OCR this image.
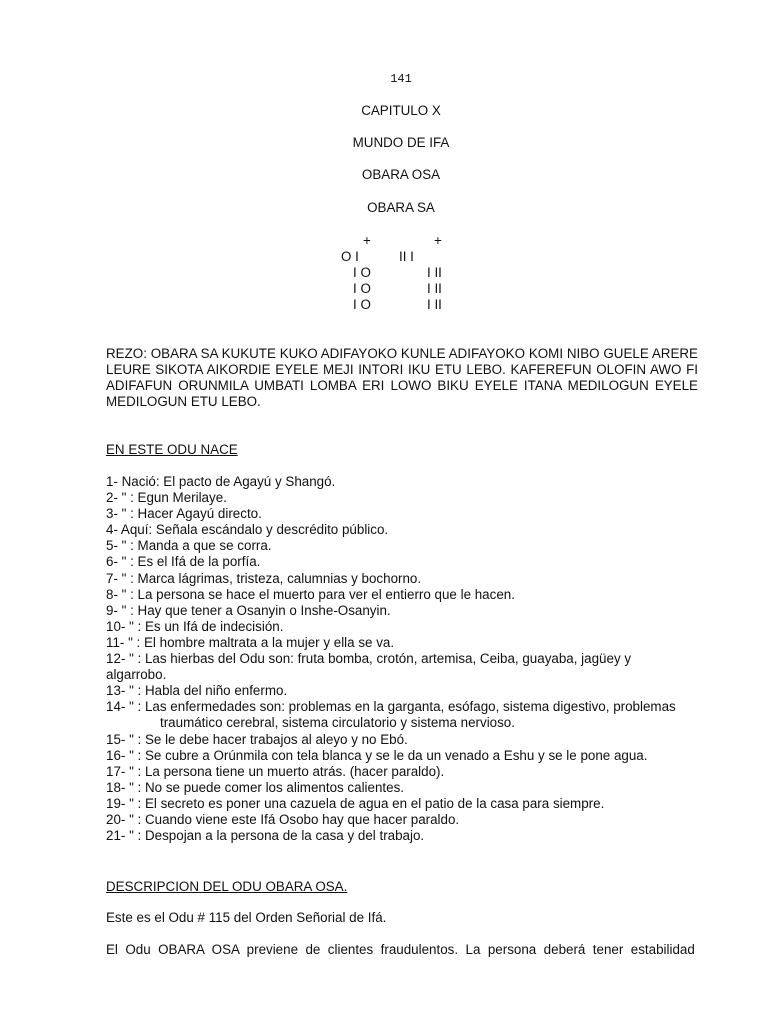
141
CAPITULO X
MUNDO DE IFA
OBARA OSA
OBARA SA
+	+
O I	II I
I O	I II
I O	I II
I O	I II
REZO: OBARA SA KUKUTE KUKO ADIFAYOKO KUNLE ADIFAYOKO KOMI NIBO GUELE ARERE LEURE SIKOTA AIKORDIE EYELE MEJI INTORI IKU ETU LEBO. KAFEREFUN OLOFIN AWO FI ADIFAFUN ORUNMILA UMBATI LOMBA ERI LOWO BIKU EYELE ITANA MEDILOGUN EYELE MEDILOGUN ETU LEBO.
EN ESTE ODU NACE
1- Nació: El pacto de Agayú y Shangó.
2- " : Egun Merilaye.
3- " : Hacer Agayú directo.
4- Aquí: Señala escándalo y descrédito público.
5- " : Manda a que se corra.
6- " : Es el Ifá de la porfía.
7- " : Marca lágrimas, tristeza, calumnias y bochorno.
8- " : La persona se hace el muerto para ver el entierro que le hacen.
9- " : Hay que tener a Osanyin o Inshe-Osanyin.
10- " : Es un Ifá de indecisión.
11- " : El hombre maltrata a la mujer y ella se va.
12- " : Las hierbas del Odu son: fruta bomba, crotón, artemisa, Ceiba, guayaba, jagüey y
algarrobo.
13- " : Habla del niño enfermo.
14- " : Las enfermedades son: problemas en la garganta, esófago, sistema digestivo, problemas
traumático cerebral, sistema circulatorio y sistema nervioso.
15- " : Se le debe hacer trabajos al aleyo y no Ebó.
16- " : Se cubre a Orúnmila con tela blanca y se le da un venado a Eshu y se le pone agua.
17- " : La persona tiene un muerto atrás. (hacer paraldo).
18- " : No se puede comer los alimentos calientes.
19- " : El secreto es poner una cazuela de agua en el patio de la casa para siempre.
20- " : Cuando viene este Ifá Osobo hay que hacer paraldo.
21- " : Despojan a la persona de la casa y del trabajo.
DESCRIPCION DEL ODU OBARA OSA.
Este es el Odu # 115 del Orden Señorial de Ifá.
El  Odu  OBARA  OSA  previene  de  clientes  fraudulentos.  La  persona  deberá  tener  estabilidad
